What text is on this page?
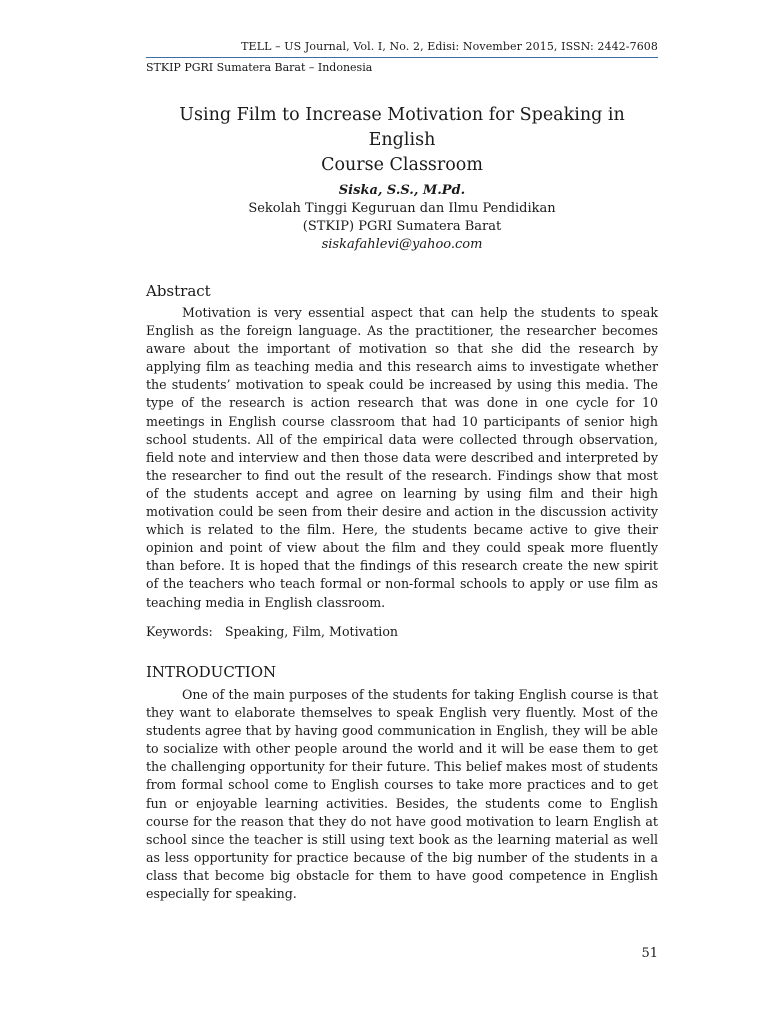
TELL – US Journal, Vol. I, No. 2, Edisi: November 2015, ISSN: 2442-7608
STKIP PGRI Sumatera Barat – Indonesia
Using Film to Increase Motivation for Speaking in English
Course Classroom
Siska, S.S., M.Pd.
Sekolah Tinggi Keguruan dan Ilmu Pendidikan
(STKIP) PGRI Sumatera Barat
siskafahlevi@yahoo.com
Abstract

Motivation is very essential aspect that can help the students to speak English as the foreign language. As the practitioner, the researcher becomes aware about the important of motivation so that she did the research by applying film as teaching media and this research aims to investigate whether the students’ motivation to speak could be increased by using this media. The type of the research is action research that was done in one cycle for 10 meetings in English course classroom that had 10 participants of senior high school students. All of the empirical data were collected through observation, field note and interview and then those data were described and interpreted by the researcher to find out the result of the research. Findings show that most of the students accept and agree on learning by using film and their high motivation could be seen from their desire and action in the discussion activity which is related to the film. Here, the students became active to give their opinion and point of view about the film and they could speak more fluently than before. It is hoped that the findings of this research create the new spirit of the teachers who teach formal or non-formal schools to apply or use film as teaching media in English classroom.

Keywords: Speaking, Film, Motivation
INTRODUCTION

One of the main purposes of the students for taking English course is that they want to elaborate themselves to speak English very fluently. Most of the students agree that by having good communication in English, they will be able to socialize with other people around the world and it will be ease them to get the challenging opportunity for their future. This belief makes most of students from formal school come to English courses to take more practices and to get fun or enjoyable learning activities. Besides, the students come to English course for the reason that they do not have good motivation to learn English at school since the teacher is still using text book as the learning material as well as less opportunity for practice because of the big number of the students in a class that become big obstacle for them to have good competence in English especially for speaking.

51
